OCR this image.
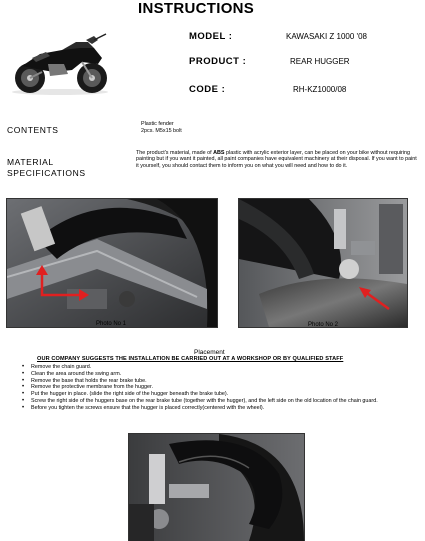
INSTRUCTIONS
MODEL :	KAWASAKI Z 1000 '08
PRODUCT :	REAR HUGGER
CODE :	RH-KZ1000/08
CONTENTS
Plastic fender
2pcs. M5x15 bolt
MATERIAL
SPECIFICATIONS
The product's material, made of ABS plastic with acrylic exterior layer, can be placed on your bike without requiring painting but if you want it painted, all paint companies have equivalent machinery at their disposal. If you want to paint it yourself, you should contact them to inform you on what you will need and how to do it.
Photo No 1	Photo No 2
Placement
OUR COMPANY SUGGESTS THE INSTALLATION BE CARRIED OUT AT A WORKSHOP OR BY QUALIFIED STAFF
• Remove the chain guard.
• Clean the area around the swing arm.
• Remove the base that holds the rear brake tube.
• Remove the protective membrane from the hugger.
• Put the hugger in place. (slide the right side of the hugger beneath the brake tube).
• Screw the right side of the huggers base on the rear brake tube (together with the hugger), and the left side on the old location of the chain guard.
• Before you tighten the screws ensure that the hugger is placed correctly(centered with the wheel).
